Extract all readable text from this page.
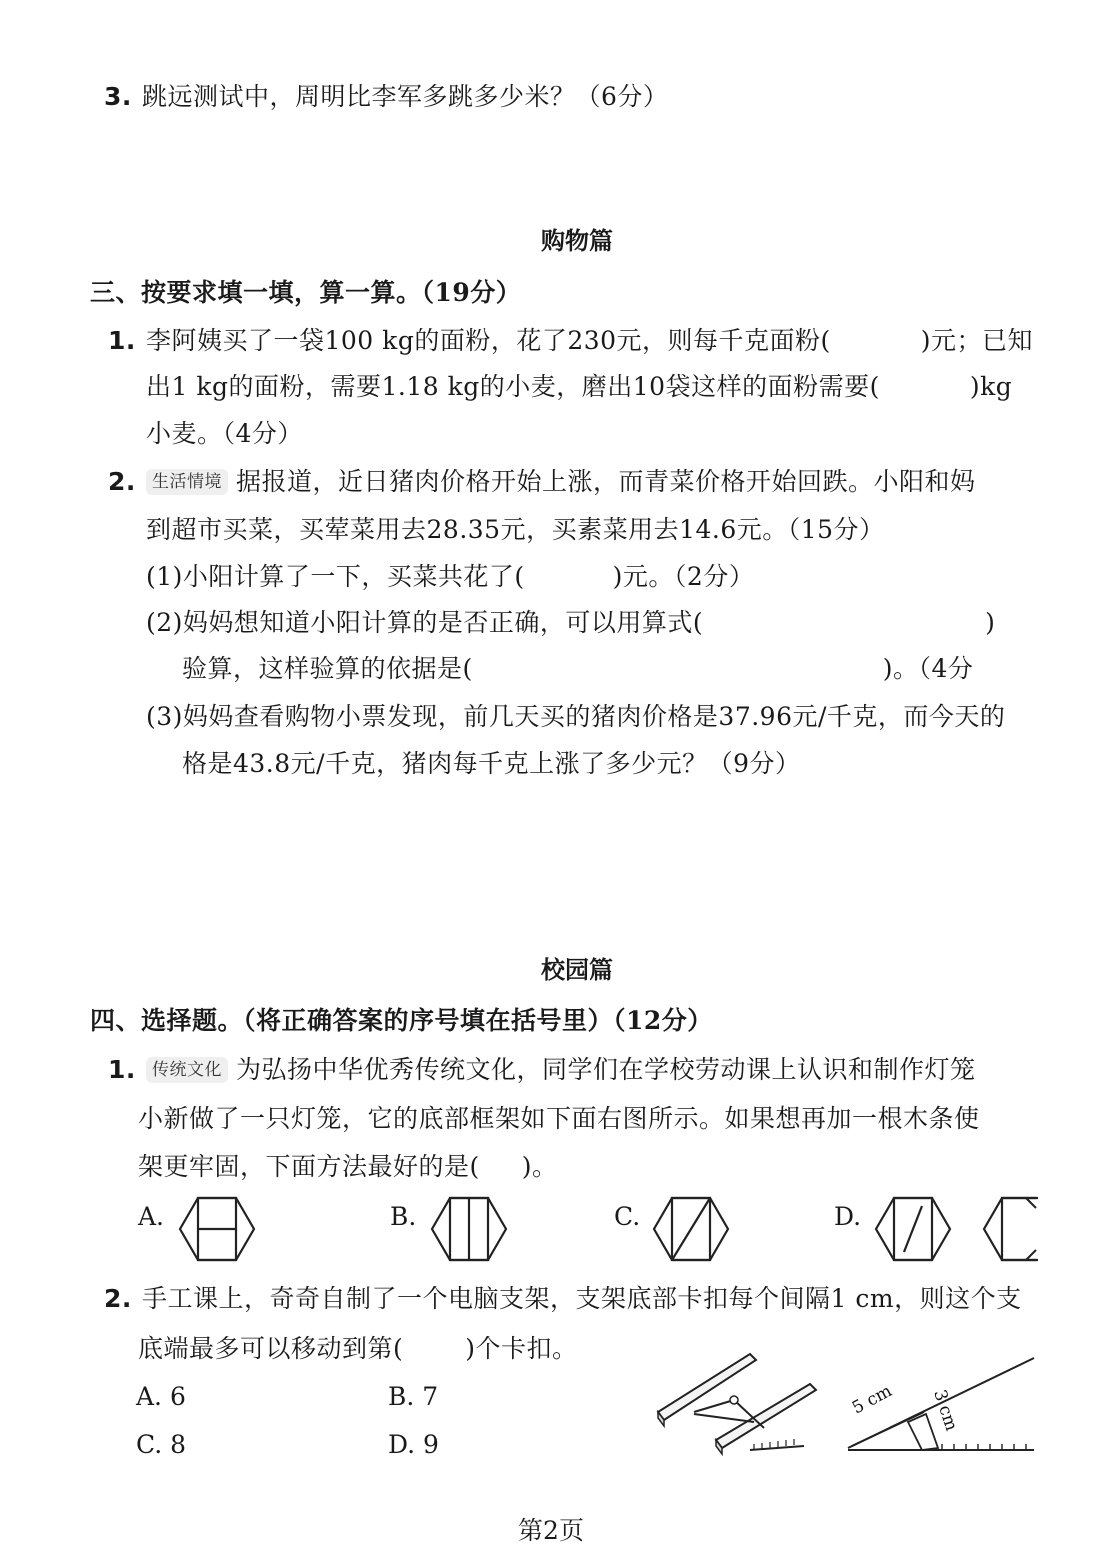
3. 跳远测试中，周明比李军多跳多少米？（6分）
购物篇
三、按要求填一填，算一算。（19分）
1. 李阿姨买了一袋100 kg的面粉，花了230元，则每千克面粉(	)元；已知
出1 kg的面粉，需要1.18 kg的小麦，磨出10袋这样的面粉需要(	)kg
小麦。（4分）
2. 生活情境 据报道，近日猪肉价格开始上涨，而青菜价格开始回跌。小阳和妈
到超市买菜，买荤菜用去28.35元，买素菜用去14.6元。（15分）
(1)小阳计算了一下，买菜共花了(	)元。（2分）
(2)妈妈想知道小阳计算的是否正确，可以用算式(	)
验算，这样验算的依据是(	)。（4分
(3)妈妈查看购物小票发现，前几天买的猪肉价格是37.96元/千克，而今天的
格是43.8元/千克，猪肉每千克上涨了多少元？（9分）
校园篇
四、选择题。（将正确答案的序号填在括号里）（12分）
1. 传统文化 为弘扬中华优秀传统文化，同学们在学校劳动课上认识和制作灯笼
小新做了一只灯笼，它的底部框架如下面右图所示。如果想再加一根木条使
架更牢固，下面方法最好的是( )。
A.	B.	C.	D.
2. 手工课上，奇奇自制了一个电脑支架，支架底部卡扣每个间隔1 cm，则这个支
底端最多可以移动到第( )个卡扣。
A. 6	B. 7
C. 8	D. 9
5 cm 3 cm
第2页
